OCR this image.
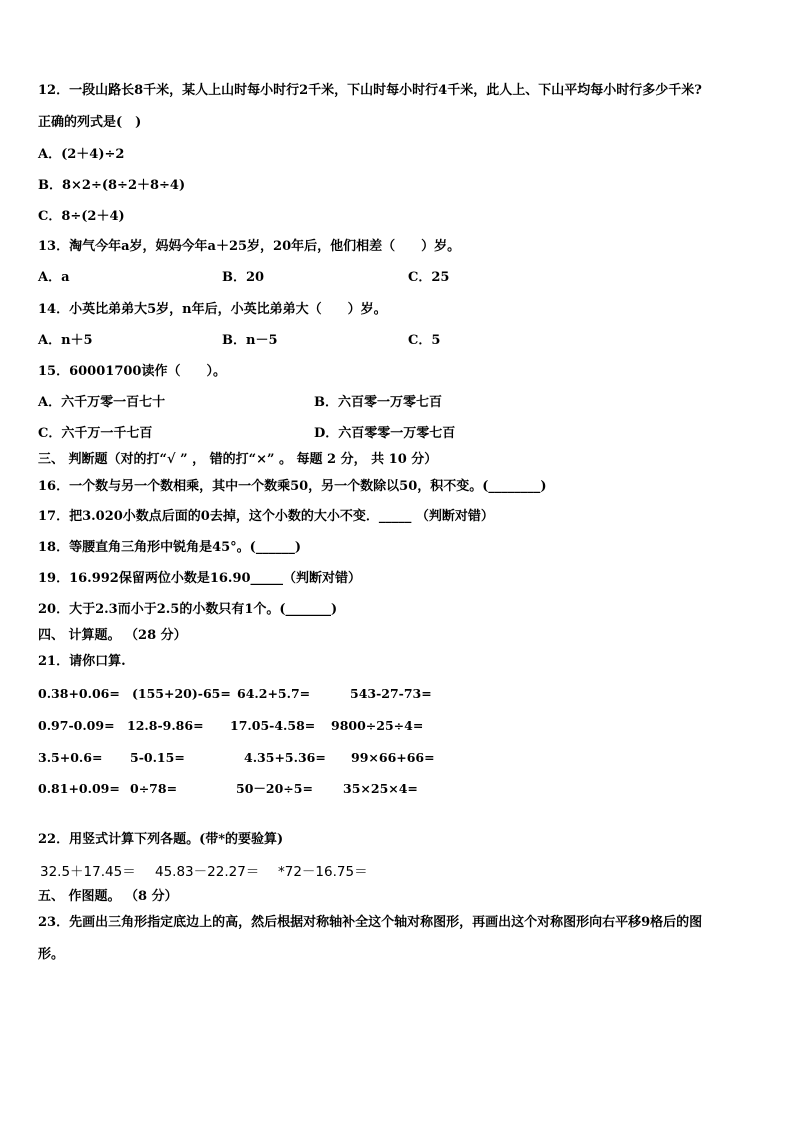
12．一段山路长8千米，某人上山时每小时行2千米，下山时每小时行4千米，此人上、下山平均每小时行多少千米?
正确的列式是(　)
A．(2＋4)÷2
B．8×2÷(8÷2＋8÷4)
C．8÷(2＋4)
13．淘气今年a岁，妈妈今年a＋25岁，20年后，他们相差（　　）岁。
A．a	B．20	C．25
14．小英比弟弟大5岁，n年后，小英比弟弟大（　　）岁。
A．n＋5	B．n－5	C．5
15．60001700读作（　　）。
A．六千万零一百七十	B．六百零一万零七百
C．六千万一千七百	D．六百零零一万零七百
三、 判断题（对的打“√ ” ， 错的打“×” 。 每题 2 分， 共 10 分）
16．一个数与另一个数相乘，其中一个数乘50，另一个数除以50，积不变。(________)
17．把3.020小数点后面的0去掉，这个小数的大小不变．_____ （判断对错）
18．等腰直角三角形中锐角是45°。(______)
19．16.992保留两位小数是16.90_____（判断对错）
20．大于2.3而小于2.5的小数只有1个。(_______)
四、 计算题。 （28 分）
21．请你口算.
0.38+0.06= (155+20)-65= 64.2+5.7=	543-27-73=
0.97-0.09= 12.8-9.86= 17.05-4.58= 9800÷25÷4=
3.5+0.6= 5-0.15=	4.35+5.36= 99×66+66=
0.81+0.09= 0÷78=	50－20÷5= 35×25×4=
22．用竖式计算下列各题。(带*的要验算)
32.5＋17.45＝ 45.83－22.27＝ *72－16.75＝
五、 作图题。 （8 分）
23．先画出三角形指定底边上的高，然后根据对称轴补全这个轴对称图形，再画出这个对称图形向右平移9格后的图
形。
